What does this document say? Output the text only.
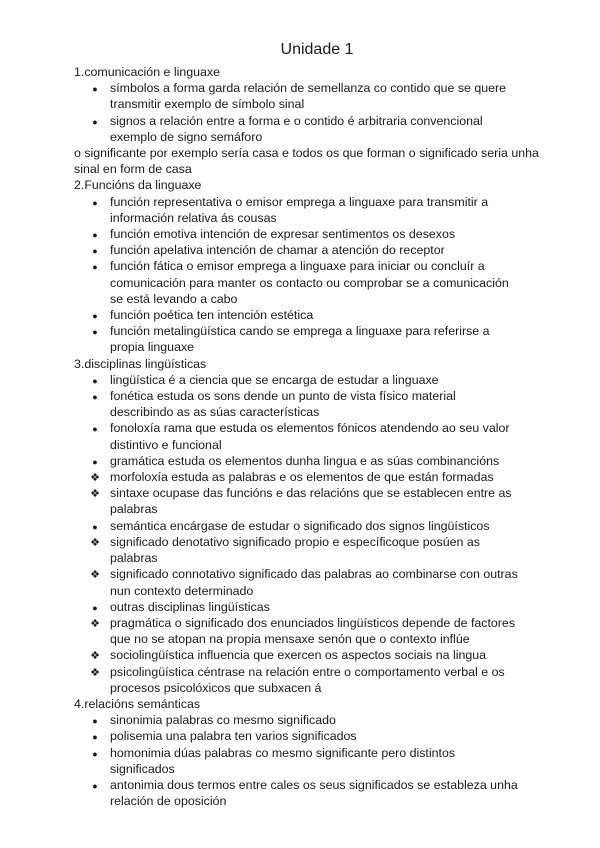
Unidade 1
1.comunicación e linguaxe
●
símbolos a forma garda relación de semellanza co contido que se quere transmitir exemplo de símbolo sinal
●
signos a relación entre a forma e o contido é arbitraria convencional exemplo de signo semáforo
o significante por exemplo sería casa e todos os que forman o significado seria unha sinal en form de casa
2.Funcións da linguaxe
●
función representativa o emisor emprega a linguaxe para transmitir a información relativa ás cousas
●
función emotiva intención de expresar sentimentos os desexos
●
función apelativa intención de chamar a atención do receptor
●
función fática o emisor emprega a linguaxe para iniciar ou concluír a comunicación para manter os contacto ou comprobar se a comunicación se está levando a cabo
●
función poética ten intención estética
●
función metalingüística cando se emprega a linguaxe para referirse a propia linguaxe
3.disciplinas lingüísticas
●
lingüística é a ciencia que se encarga de estudar a linguaxe
●
fonética estuda os sons dende un punto de vista físico material describindo as as súas características
●
fonoloxía rama que estuda os elementos fónicos atendendo ao seu valor distintivo e funcional
●
gramática estuda os elementos dunha lingua e as súas combinancións
❖
morfoloxía estuda as palabras e os elementos de que están formadas
❖
sintaxe ocupase das funcións e das relacións que se establecen entre as palabras
●
semántica encárgase de estudar o significado dos signos lingüísticos
❖
significado denotativo significado propio e específicoque posúen as palabras
❖
significado connotativo significado das palabras ao combinarse con outras nun contexto determinado
●
outras disciplinas lingüísticas
❖
pragmática o significado dos enunciados lingüísticos depende de factores que no se atopan na propia mensaxe senón que o contexto inflúe
❖
sociolingüística influencia que exercen os aspectos sociais na lingua
❖
psicolingüística céntrase na relación entre o comportamento verbal e os procesos psicolóxicos que subxacen á
4.relacións semánticas
●
sinonimia palabras co mesmo significado
●
polisemia una palabra ten varios significados
●
homonimia dúas palabras co mesmo significante pero distintos significados
●
antonimia dous termos entre cales os seus significados se estableza unha relación de oposición
